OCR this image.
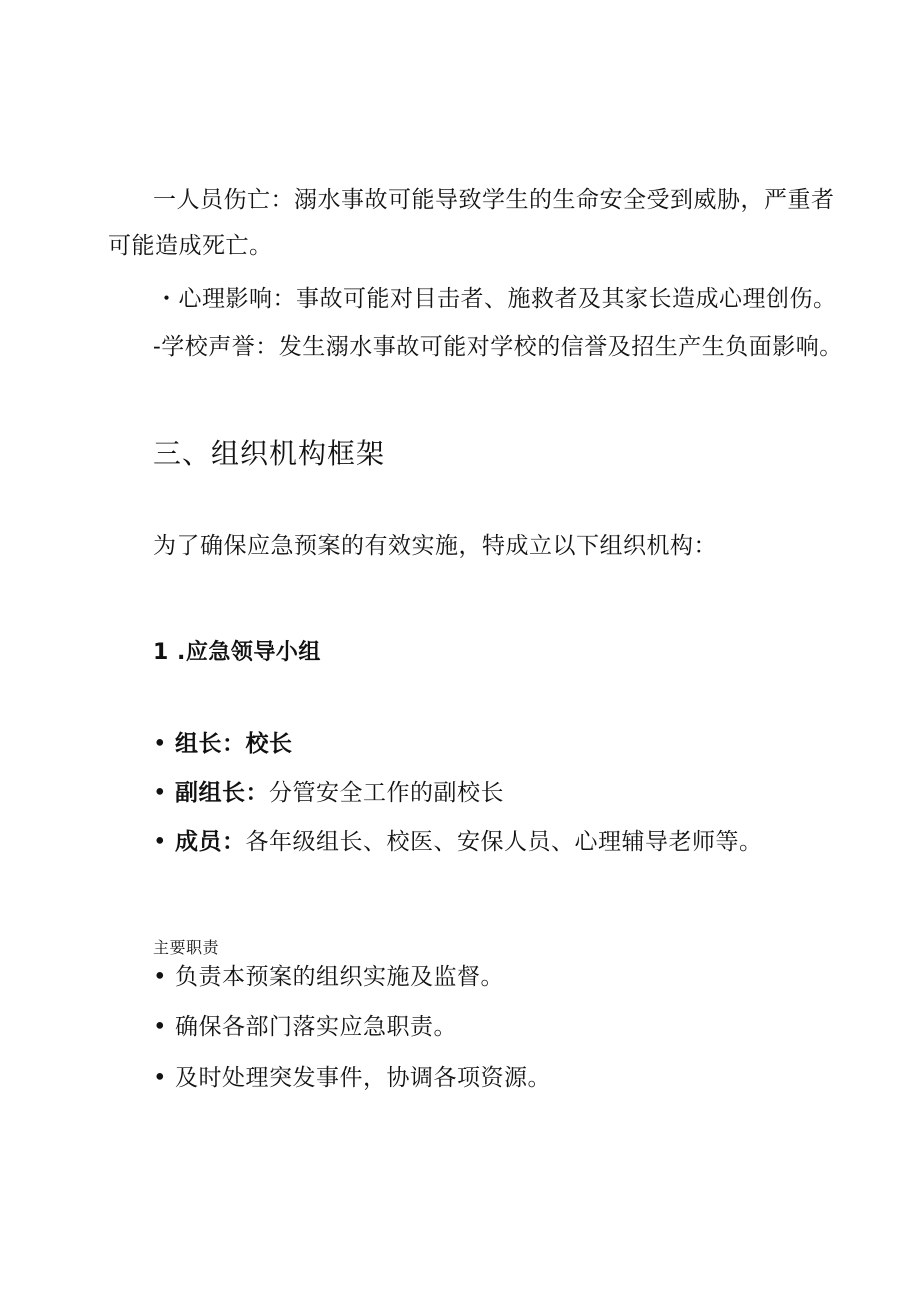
一人员伤亡：溺水事故可能导致学生的生命安全受到威胁，严重者
可能造成死亡。
・心理影响：事故可能对目击者、施救者及其家长造成心理创伤。
-学校声誉：发生溺水事故可能对学校的信誉及招生产生负面影响。
三、组织机构框架
为了确保应急预案的有效实施，特成立以下组织机构：
1 .应急领导小组
• 组长：校长
• 副组长：分管安全工作的副校长
• 成员：各年级组长、校医、安保人员、心理辅导老师等。
主要职责
• 负责本预案的组织实施及监督。
• 确保各部门落实应急职责。
• 及时处理突发事件，协调各项资源。
